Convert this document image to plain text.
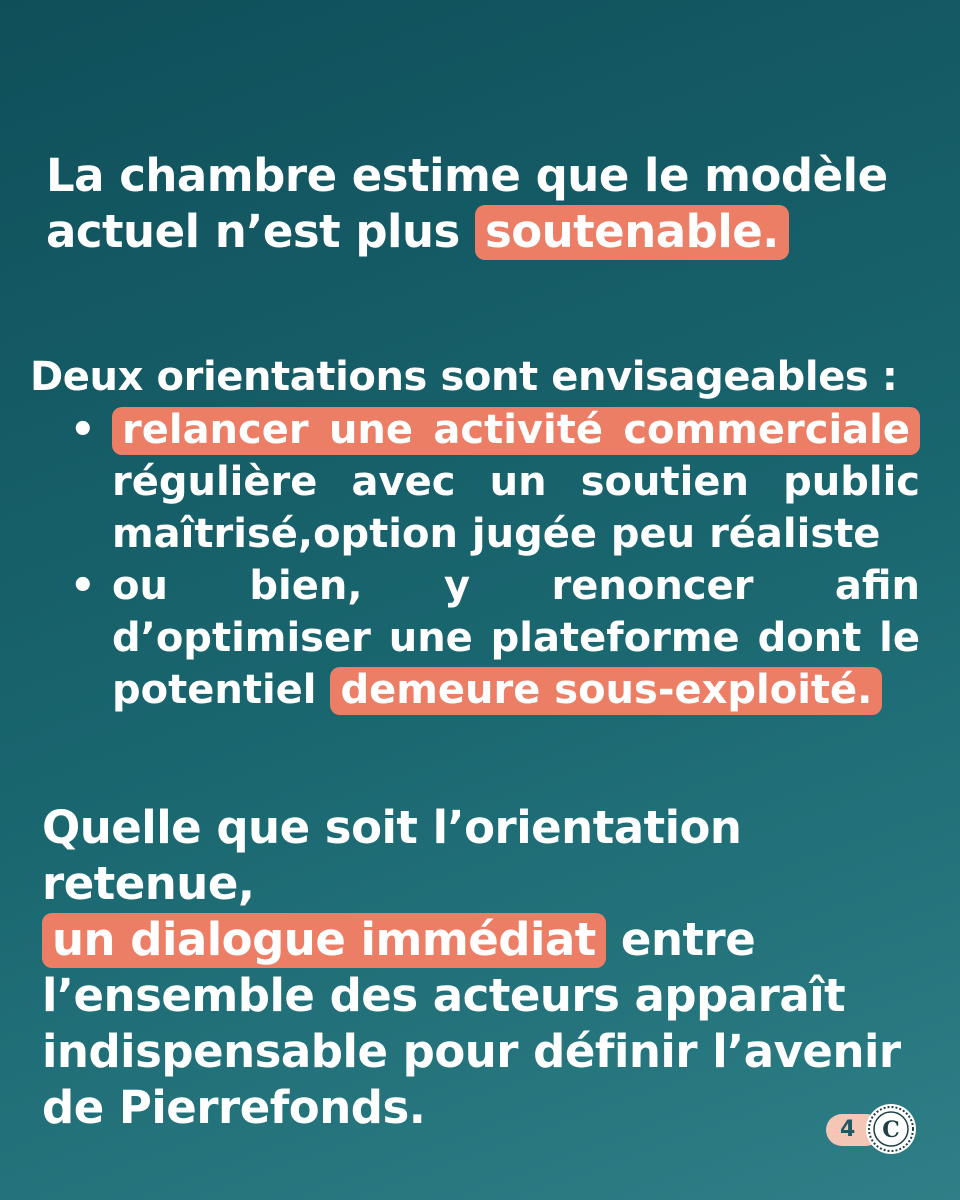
La chambre estime que le modèle
actuel n’est plus soutenable.
Deux orientations sont envisageables :
• relancer une activité commerciale régulière avec un soutien public maîtrisé,option jugée peu réaliste
• ou bien, y renoncer afin d’optimiser une plateforme dont le potentiel demeure sous-exploité.
Quelle que soit l’orientation retenue,
un dialogue immédiat entre l’ensemble des acteurs apparaît indispensable pour définir l’avenir de Pierrefonds.	4	C
